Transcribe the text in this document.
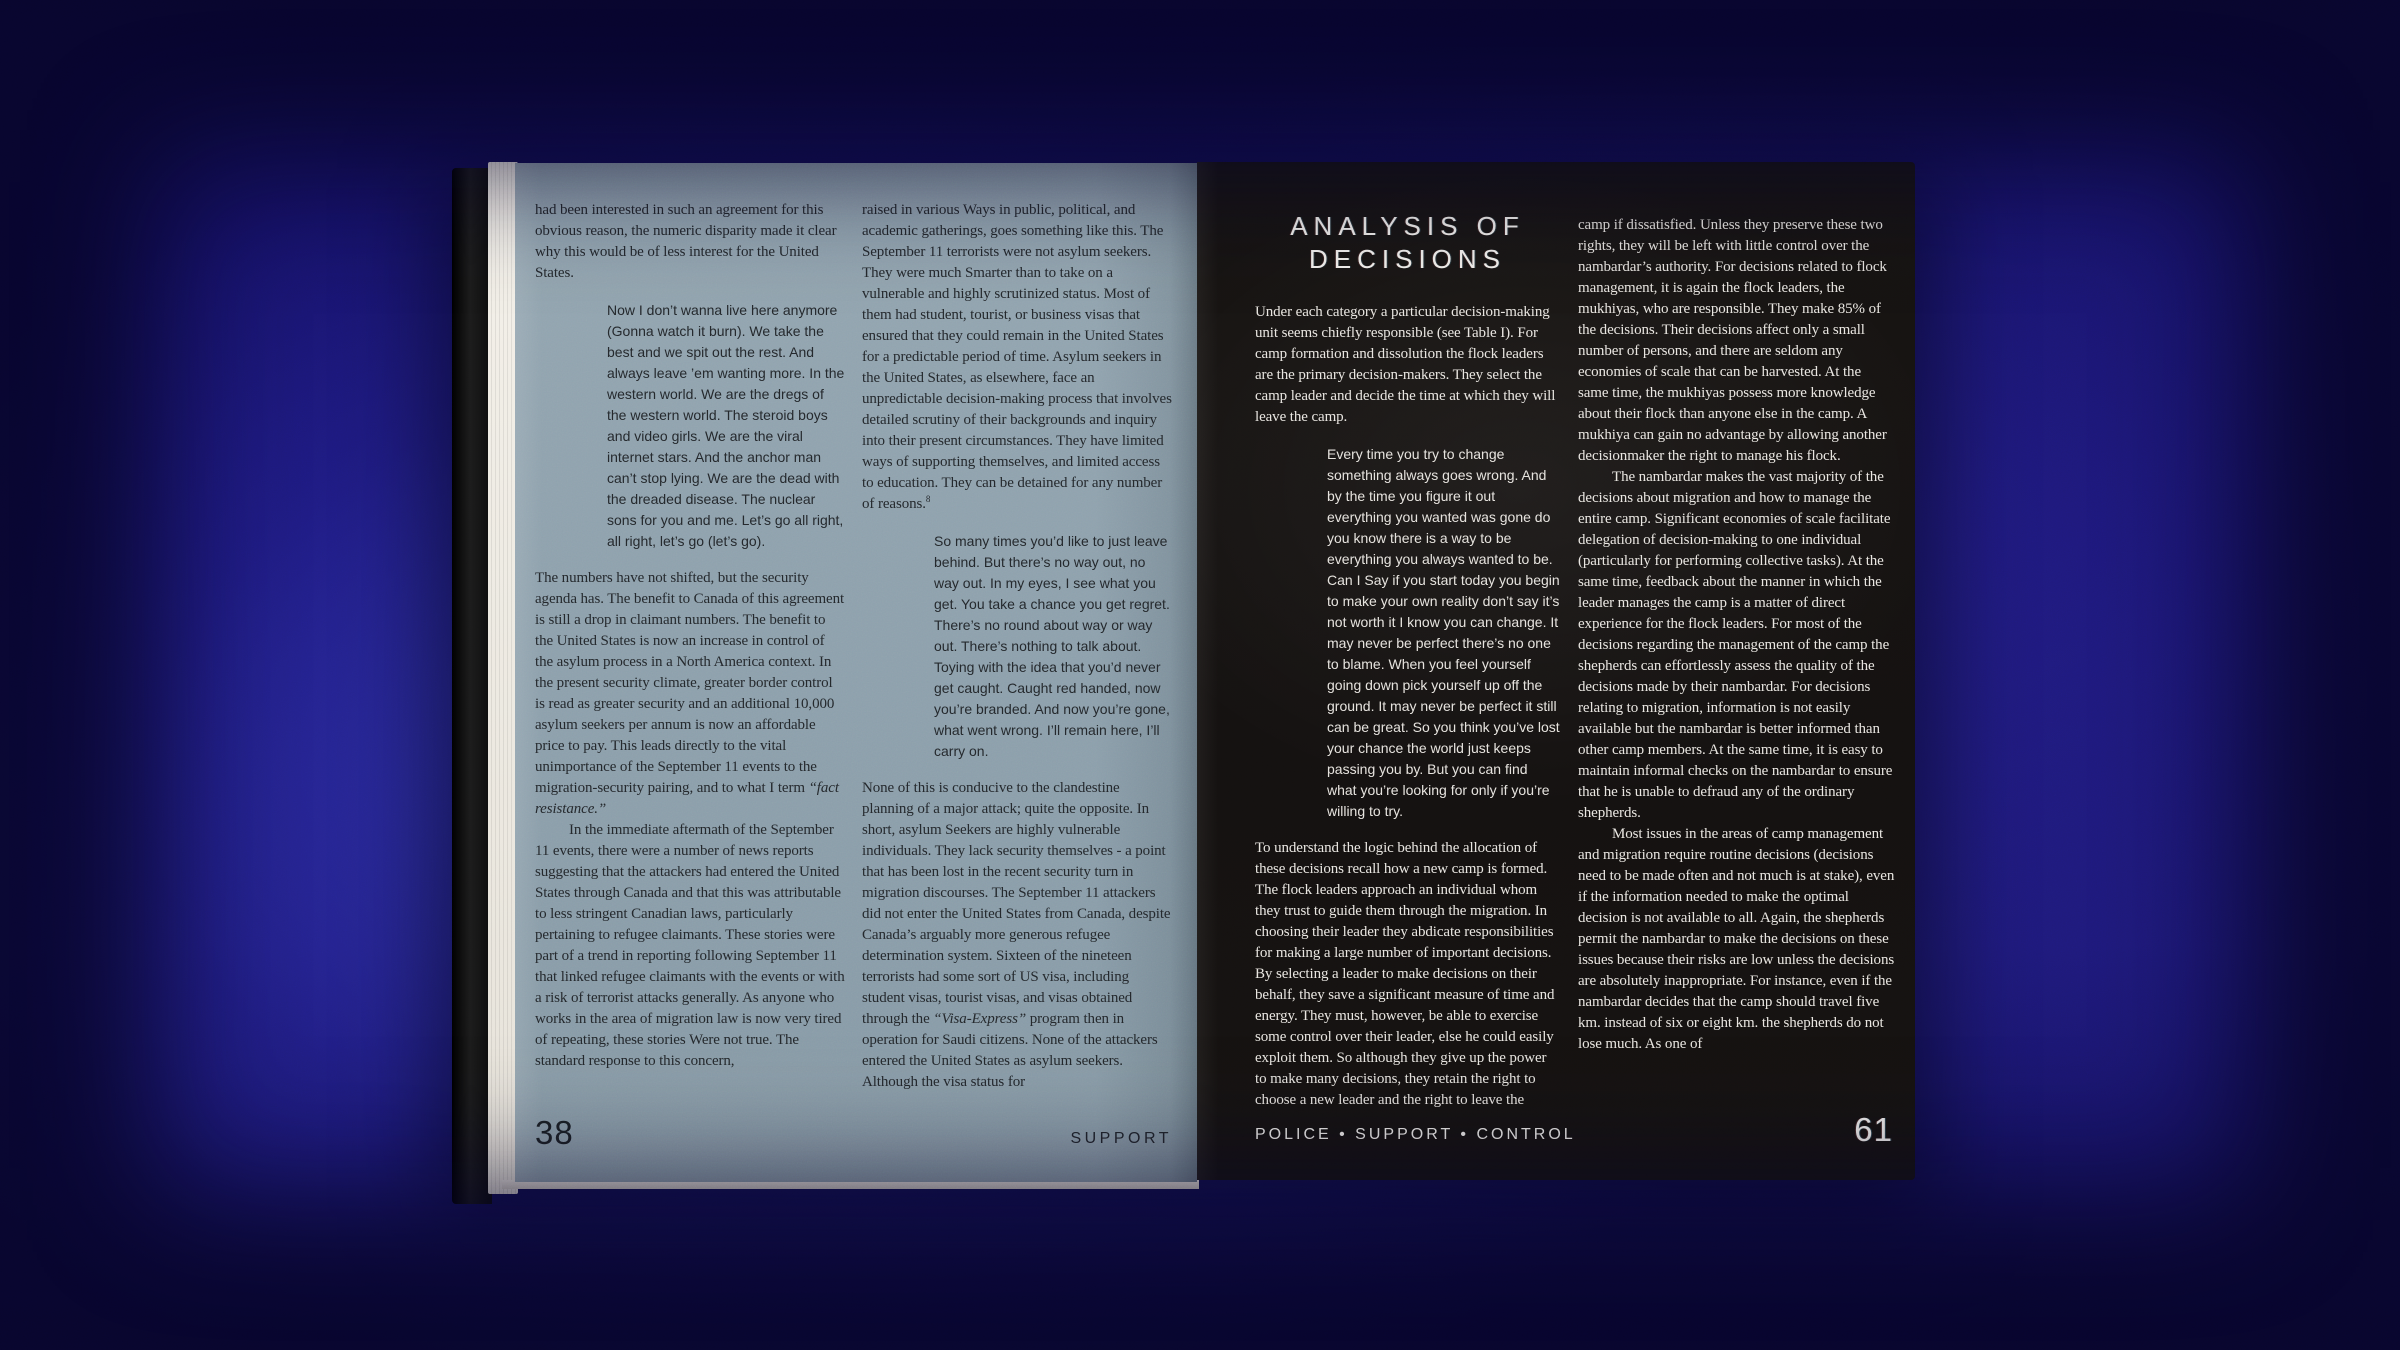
had been interested in such an agreement for this obvious reason, the numeric disparity made it clear why this would be of less interest for the United States.

Now I don’t wanna live here anymore (Gonna watch it burn). We take the best and we spit out the rest. And always leave ’em wanting more. In the western world. We are the dregs of the western world. The steroid boys and video girls. We are the viral internet stars. And the anchor man can’t stop lying. We are the dead with the dreaded disease. The nuclear sons for you and me. Let’s go all right, all right, let’s go (let’s go).

The numbers have not shifted, but the security agenda has. The benefit to Canada of this agreement is still a drop in claimant numbers. The benefit to the United States is now an increase in control of the asylum process in a North America context. In the present security climate, greater border control is read as greater security and an additional 10,000 asylum seekers per annum is now an affordable price to pay. This leads directly to the vital unimportance of the September 11 events to the migration-security pairing, and to what I term “fact resistance.”

In the immediate aftermath of the September 11 events, there were a number of news reports suggesting that the attackers had entered the United States through Canada and that this was attributable to less stringent Canadian laws, particularly pertaining to refugee claimants. These stories were part of a trend in reporting following September 11 that linked refugee claimants with the events or with a risk of terrorist attacks generally. As anyone who works in the area of migration law is now very tired of repeating, these stories Were not true. The standard response to this concern,

raised in various Ways in public, political, and academic gatherings, goes something like this. The September 11 terrorists were not asylum seekers. They were much Smarter than to take on a vulnerable and highly scrutinized status. Most of them had student, tourist, or business visas that ensured that they could remain in the United States for a predictable period of time. Asylum seekers in the United States, as elsewhere, face an unpredictable decision-making process that involves detailed scrutiny of their backgrounds and inquiry into their present circumstances. They have limited ways of supporting themselves, and limited access to education. They can be detained for any number of reasons.$^8$

So many times you’d like to just leave behind. But there’s no way out, no way out. In my eyes, I see what you get. You take a chance you get regret. There’s no round about way or way out. There’s nothing to talk about. Toying with the idea that you’d never get caught. Caught red handed, now you’re branded. And now you’re gone, what went wrong. I’ll remain here, I’ll carry on.

None of this is conducive to the clandestine planning of a major attack; quite the opposite. In short, asylum Seekers are highly vulnerable individuals. They lack security themselves - a point that has been lost in the recent security turn in migration discourses. The September 11 attackers did not enter the United States from Canada, despite Canada’s arguably more generous refugee determination system. Sixteen of the nineteen terrorists had some sort of US visa, including student visas, tourist visas, and visas obtained through the “Visa-Express” program then in operation for Saudi citizens. None of the attackers entered the United States as asylum seekers. Although the visa status for

38	SUPPORT
ANALYSIS OF
DECISIONS

Under each category a particular decision-making unit seems chiefly responsible (see Table I). For camp formation and dissolution the flock leaders are the primary decision-makers. They select the camp leader and decide the time at which they will leave the camp.

Every time you try to change something always goes wrong. And by the time you figure it out everything you wanted was gone do you know there is a way to be everything you always wanted to be. Can I Say if you start today you begin to make your own reality don’t say it’s not worth it I know you can change. It may never be perfect there’s no one to blame. When you feel yourself going down pick yourself up off the ground. It may never be perfect it still can be great. So you think you’ve lost your chance the world just keeps passing you by. But you can find what you’re looking for only if you’re willing to try.

To understand the logic behind the allocation of these decisions recall how a new camp is formed. The flock leaders approach an individual whom they trust to guide them through the migration. In choosing their leader they abdicate responsibilities for making a large number of important decisions. By selecting a leader to make decisions on their behalf, they save a significant measure of time and energy. They must, however, be able to exercise some control over their leader, else he could easily exploit them. So although they give up the power to make many decisions, they retain the right to choose a new leader and the right to leave the

camp if dissatisfied. Unless they preserve these two rights, they will be left with little control over the nambardar’s authority. For decisions related to flock management, it is again the flock leaders, the mukhiyas, who are responsible. They make 85% of the decisions. Their decisions affect only a small number of persons, and there are seldom any economies of scale that can be harvested. At the same time, the mukhiyas possess more knowledge about their flock than anyone else in the camp. A mukhiya can gain no advantage by allowing another decisionmaker the right to manage his flock.

The nambardar makes the vast majority of the decisions about migration and how to manage the entire camp. Significant economies of scale facilitate delegation of decision-making to one individual (particularly for performing collective tasks). At the same time, feedback about the manner in which the leader manages the camp is a matter of direct experience for the flock leaders. For most of the decisions regarding the management of the camp the shepherds can effortlessly assess the quality of the decisions made by their nambardar. For decisions relating to migration, information is not easily available but the nambardar is better informed than other camp members. At the same time, it is easy to maintain informal checks on the nambardar to ensure that he is unable to defraud any of the ordinary shepherds.

Most issues in the areas of camp management and migration require routine decisions (decisions need to be made often and not much is at stake), even if the information needed to make the optimal decision is not available to all. Again, the shepherds permit the nambardar to make the decisions on these issues because their risks are low unless the decisions are absolutely inappropriate. For instance, even if the nambardar decides that the camp should travel five km. instead of six or eight km. the shepherds do not lose much. As one of

61
POLICE • SUPPORT • CONTROL
